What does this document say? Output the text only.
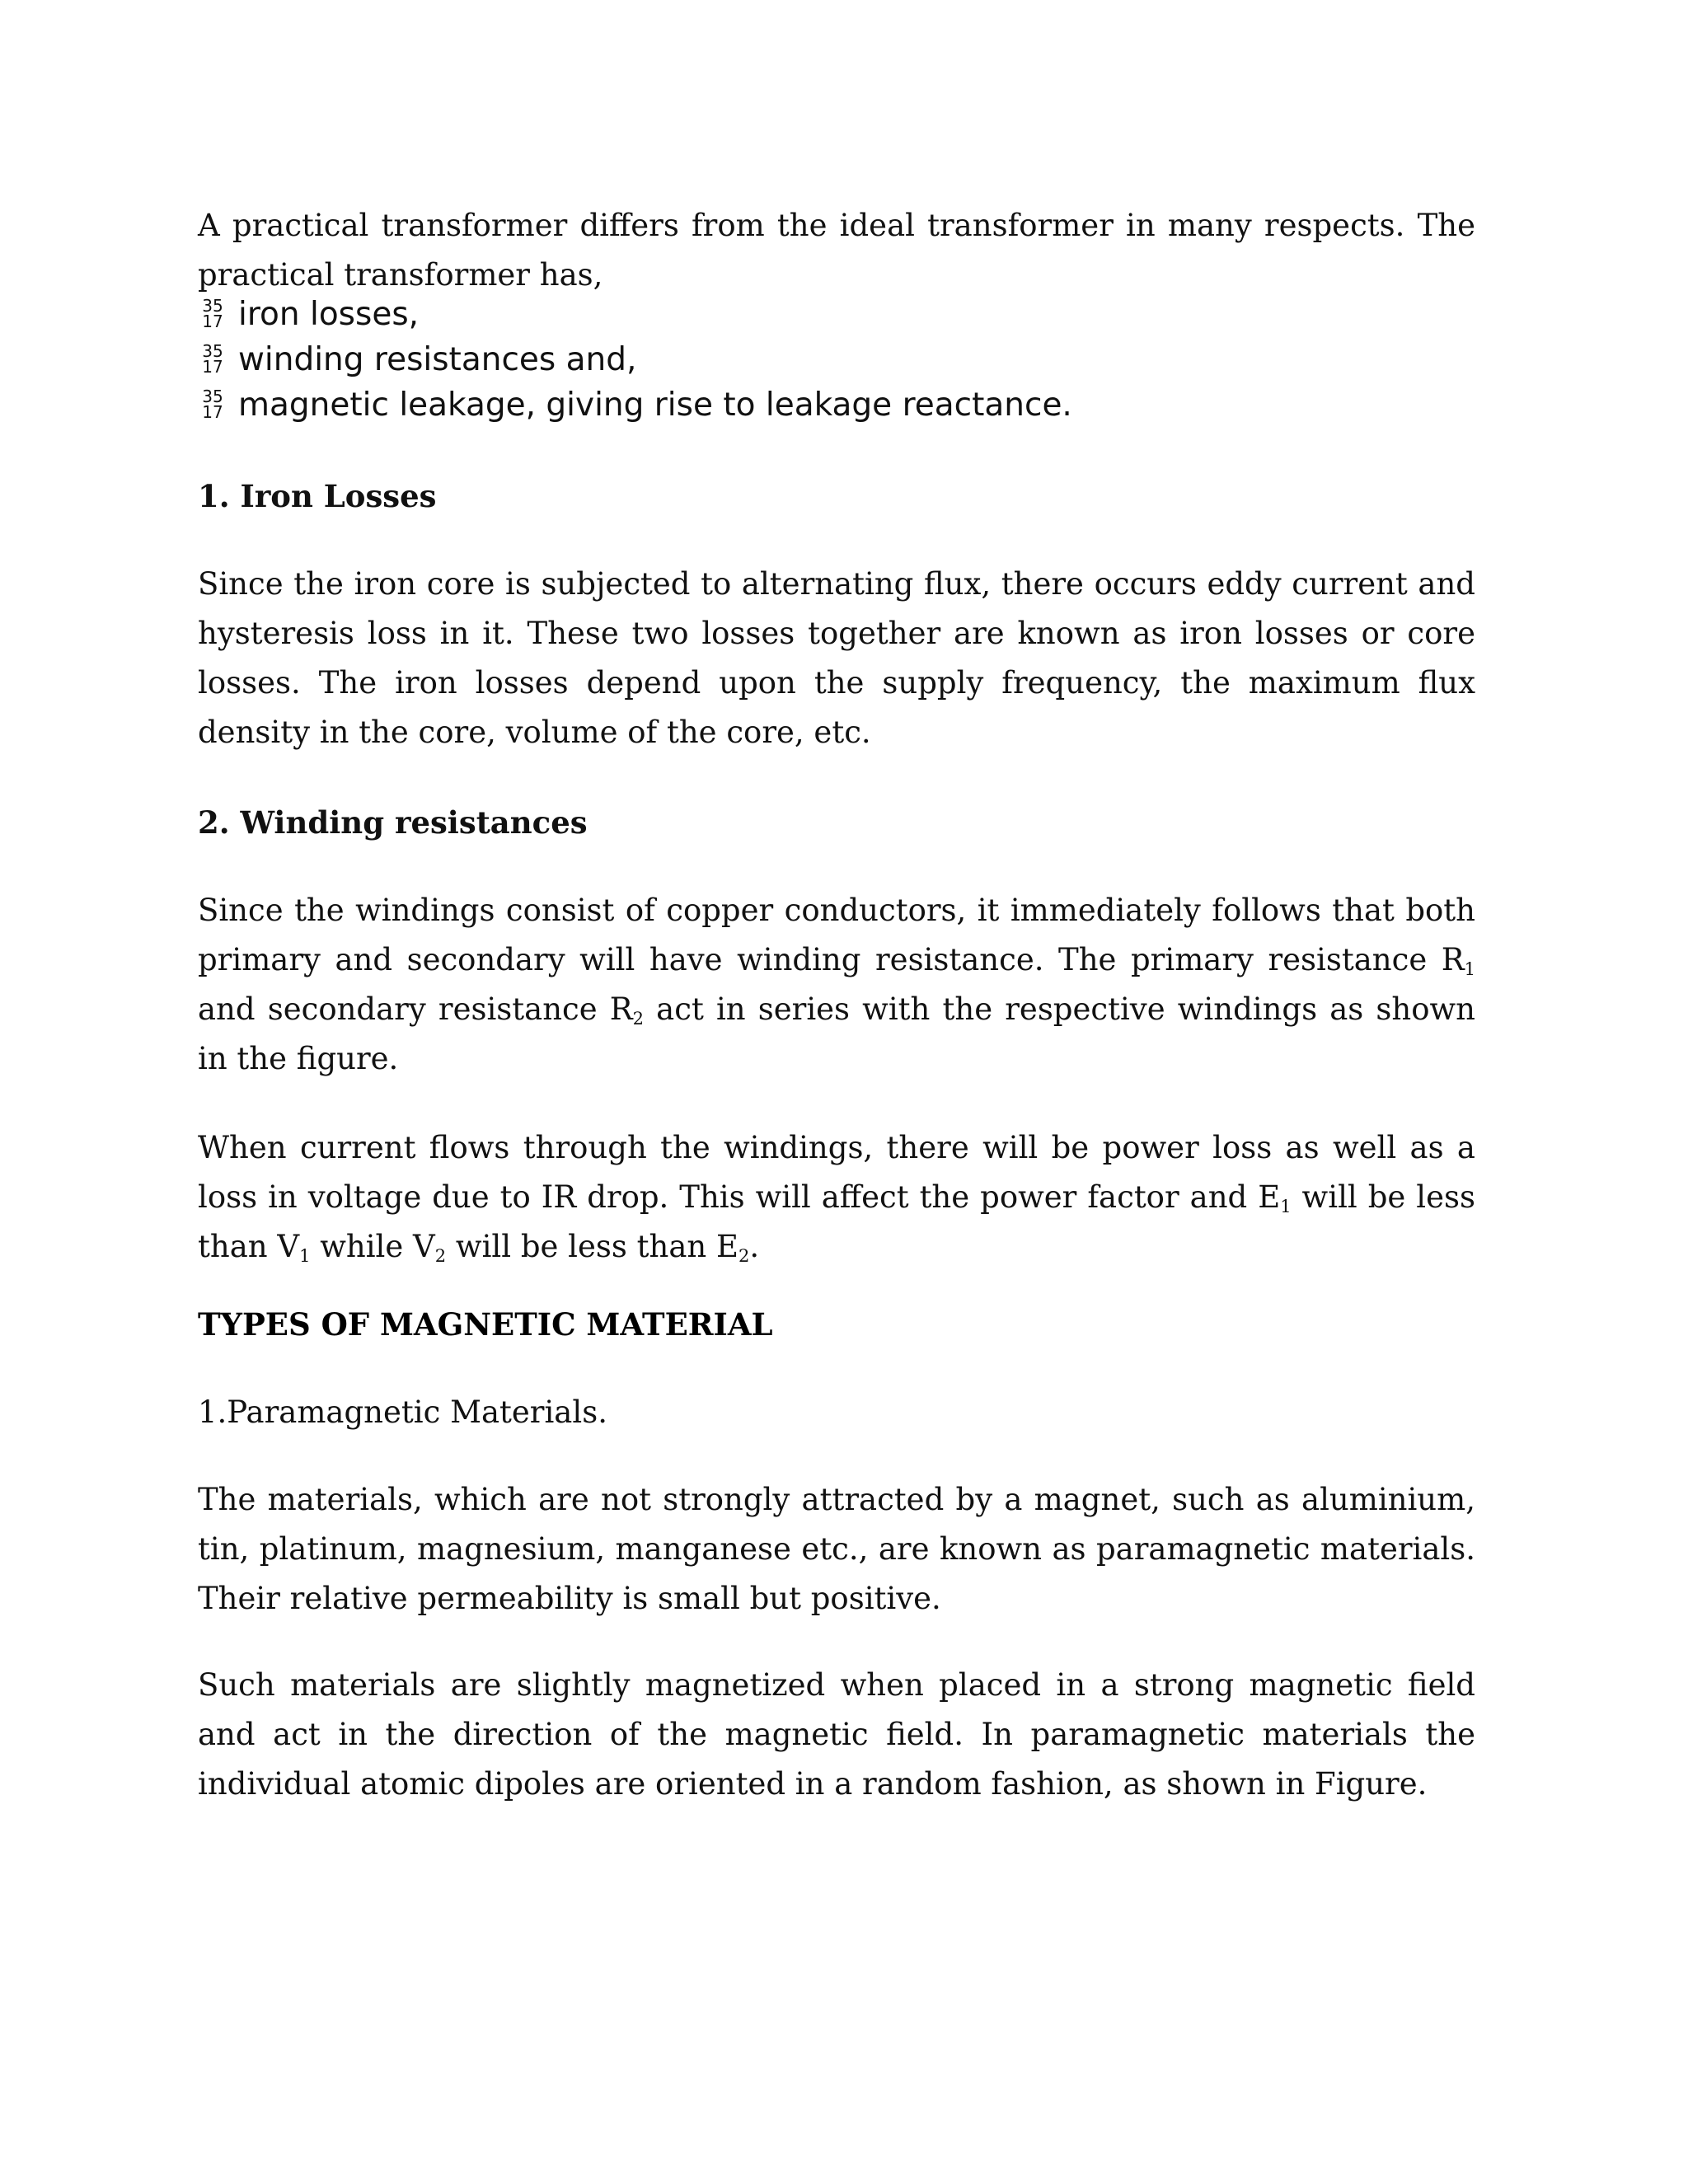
A practical transformer differs from the ideal transformer in many respects. The practical transformer has,

35
17 iron losses,
35
17 winding resistances and,
35
17 magnetic leakage, giving rise to leakage reactance.
1. Iron Losses

Since the iron core is subjected to alternating flux, there occurs eddy current and hysteresis loss in it. These two losses together are known as iron losses or core losses. The iron losses depend upon the supply frequency, the maximum flux density in the core, volume of the core, etc.

2. Winding resistances

Since the windings consist of copper conductors, it immediately follows that both primary and secondary will have winding resistance. The primary resistance $R_1$ and secondary resistance $R_2$ act in series with the respective windings as shown in the figure.

When current flows through the windings, there will be power loss as well as a loss in voltage due to IR drop. This will affect the power factor and $E_1$ will be less than $V_1$ while $V_2$ will be less than $E_2$.

TYPES OF MAGNETIC MATERIAL

1.Paramagnetic Materials.

The materials, which are not strongly attracted by a magnet, such as aluminium, tin, platinum, magnesium, manganese etc., are known as paramagnetic materials. Their relative permeability is small but positive.

Such materials are slightly magnetized when placed in a strong magnetic field and act in the direction of the magnetic field. In paramagnetic materials the individual atomic dipoles are oriented in a random fashion, as shown in Figure.
